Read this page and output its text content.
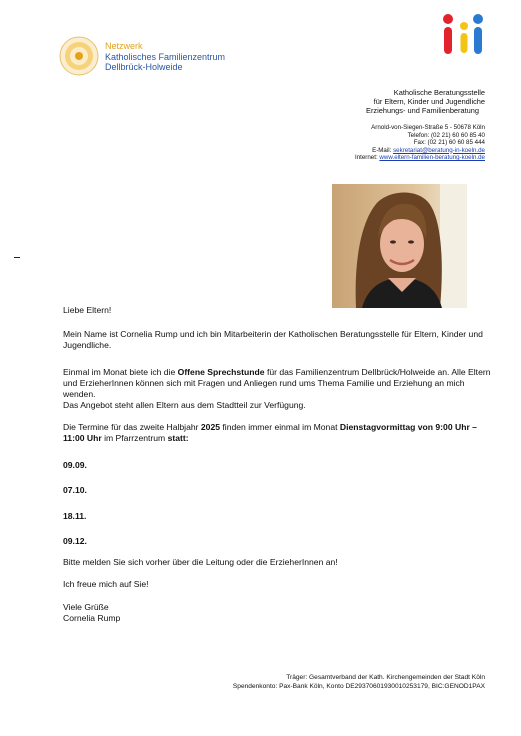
Netzwerk
Katholisches Familienzentrum
Dellbrück-Holweide
Katholische Beratungsstelle
für Eltern, Kinder und Jugendliche
Erziehungs- und Familienberatung
Arnold-von-Siegen-Straße 5 - 50678 Köln
Telefon: (02 21) 60 60 85 40
Fax: (02 21) 60 60 85 444
E-Mail: sekretariat@beratung-in-koeln.de
Internet: www.eltern-familien-beratung-koeln.de

Liebe Eltern!

Mein Name ist Cornelia Rump und ich bin Mitarbeiterin der Katholischen Beratungsstelle für Eltern, Kinder und Jugendliche.

Einmal im Monat biete ich die Offene Sprechstunde für das Familienzentrum Dellbrück/Holweide an. Alle Eltern und ErzieherInnen können sich mit Fragen und Anliegen rund ums Thema Familie und Erziehung an mich wenden.
Das Angebot steht allen Eltern aus dem Stadtteil zur Verfügung.

Die Termine für das zweite Halbjahr 2025 finden immer einmal im Monat Dienstagvormittag von 9:00 Uhr – 11:00 Uhr im Pfarrzentrum statt:

09.09.
07.10.
18.11.
09.12.

Bitte melden Sie sich vorher über die Leitung oder die ErzieherInnen an!

Ich freue mich auf Sie!

Viele Grüße

Cornelia Rump

Träger: Gesamtverband der Kath. Kirchengemeinden der Stadt Köln
Spendenkonto: Pax-Bank Köln, Konto DE29370601930010253179, BIC:GENOD1PAX
